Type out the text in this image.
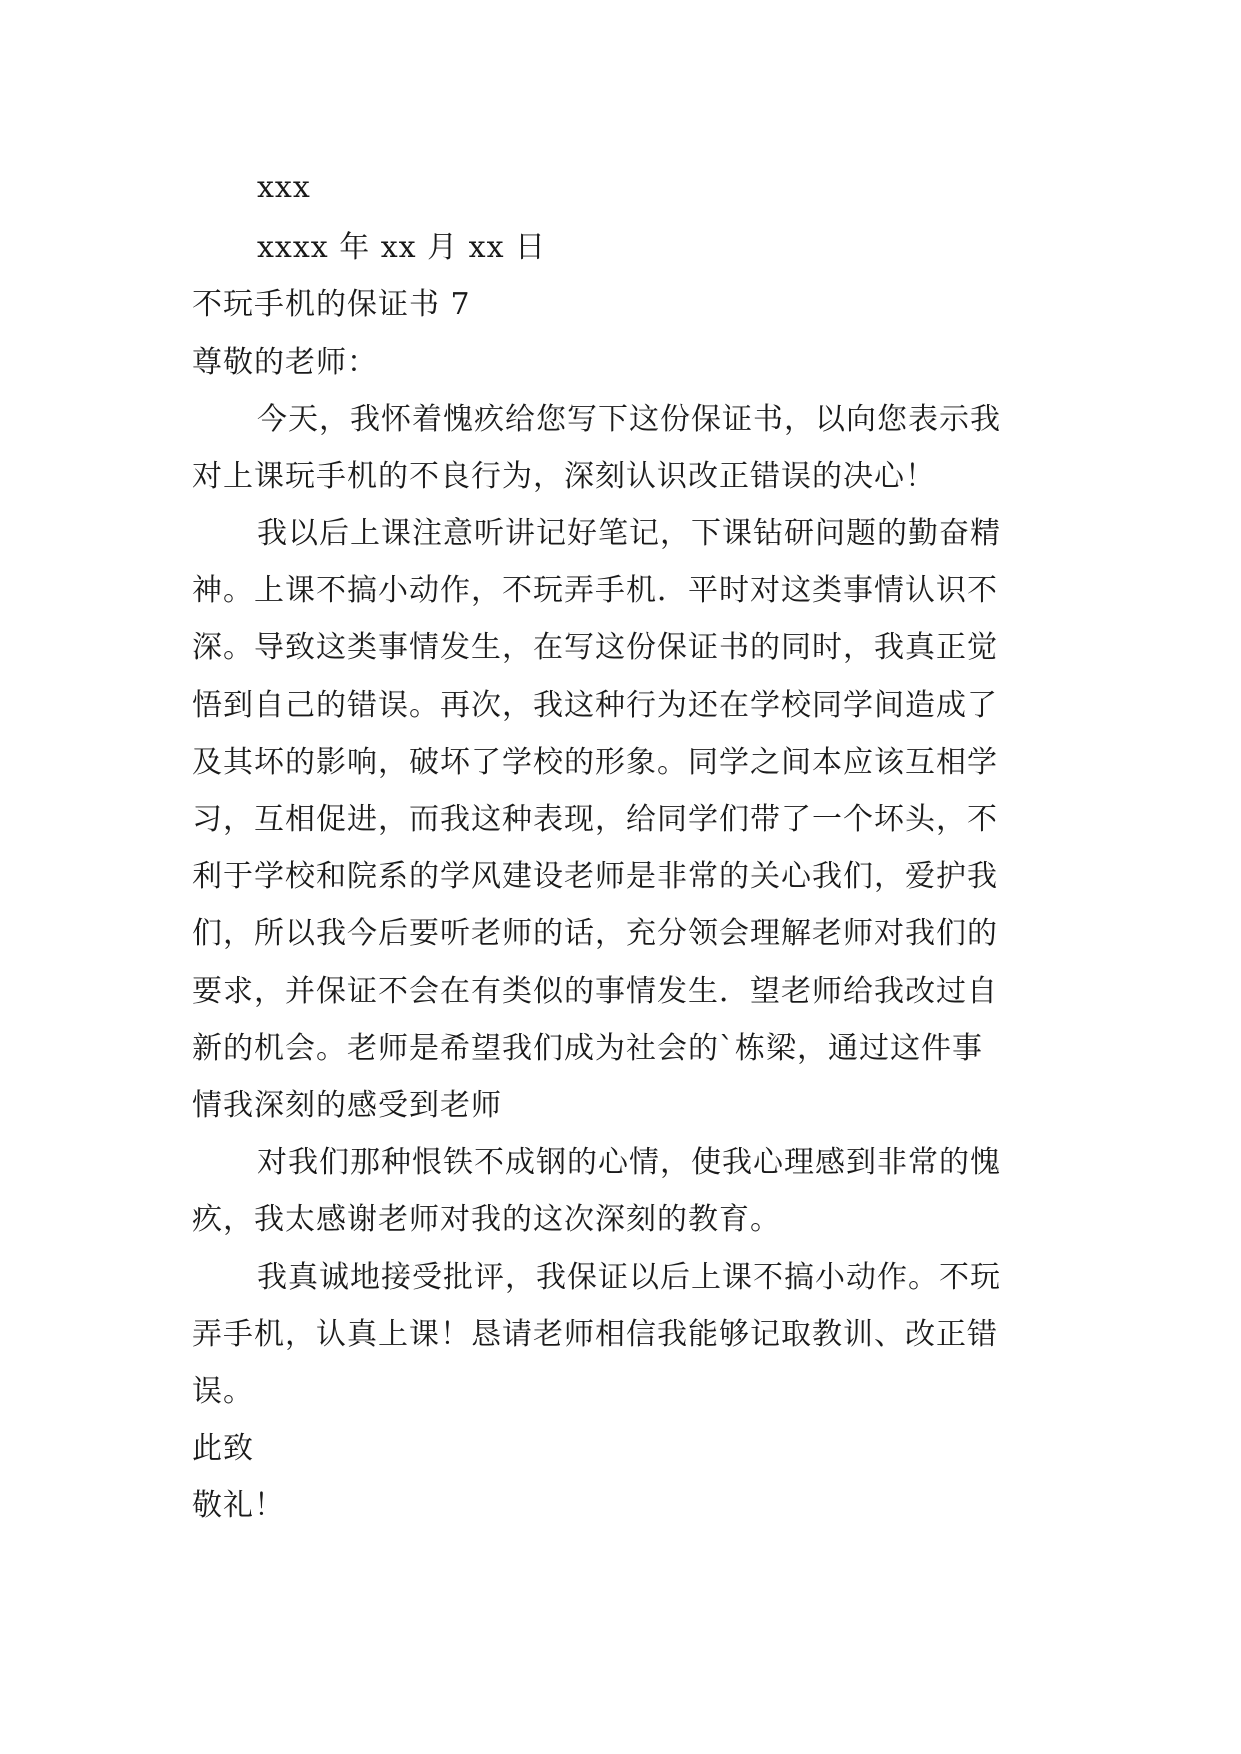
xxx
xxxx 年 xx 月 xx 日
不玩手机的保证书 7
尊敬的老师：
今天，我怀着愧疚给您写下这份保证书，以向您表示我
对上课玩手机的不良行为，深刻认识改正错误的决心！
我以后上课注意听讲记好笔记，下课钻研问题的勤奋精
神。上课不搞小动作，不玩弄手机．平时对这类事情认识不
深。导致这类事情发生，在写这份保证书的同时，我真正觉
悟到自己的错误。再次，我这种行为还在学校同学间造成了
及其坏的影响，破坏了学校的形象。同学之间本应该互相学
习，互相促进，而我这种表现，给同学们带了一个坏头，不
利于学校和院系的学风建设老师是非常的关心我们，爱护我
们，所以我今后要听老师的话，充分领会理解老师对我们的
要求，并保证不会在有类似的事情发生．望老师给我改过自
新的机会。老师是希望我们成为社会的`栋梁，通过这件事
情我深刻的感受到老师
对我们那种恨铁不成钢的心情，使我心理感到非常的愧
疚，我太感谢老师对我的这次深刻的教育。
我真诚地接受批评，我保证以后上课不搞小动作。不玩
弄手机，认真上课！恳请老师相信我能够记取教训、改正错
误。
此致
敬礼！
